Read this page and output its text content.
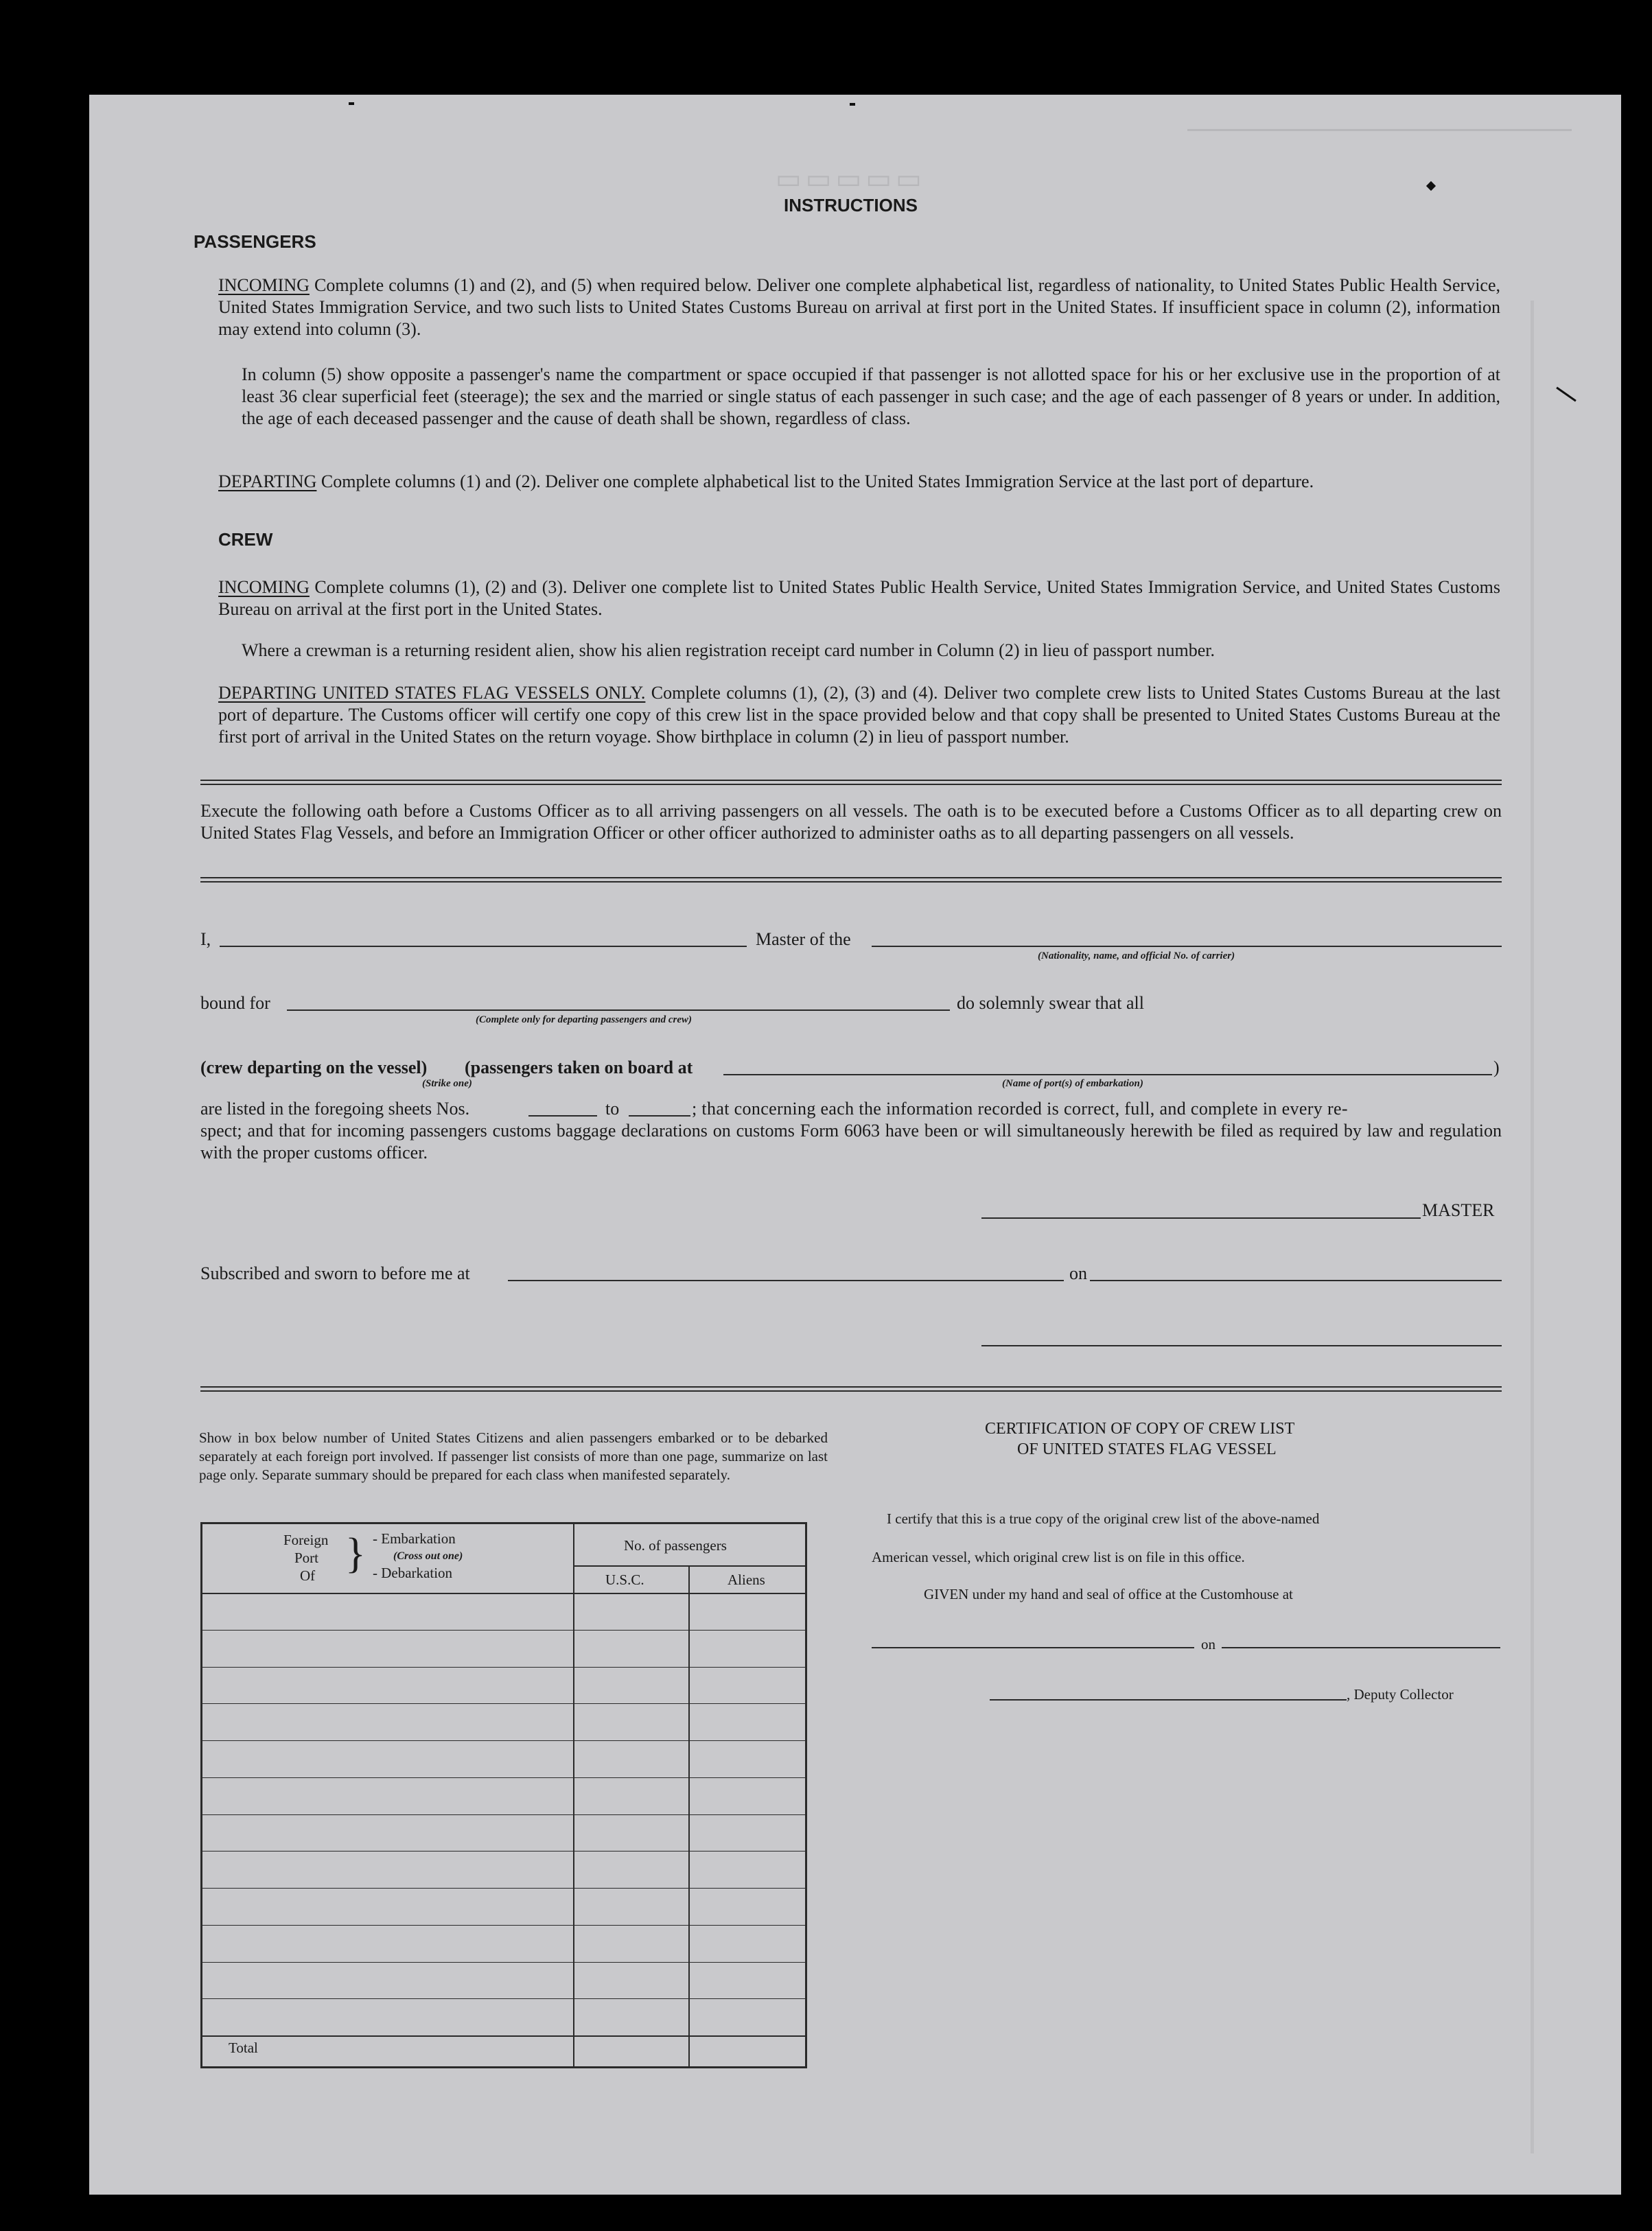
▭▭▭▭▭
INSTRUCTIONS
PASSENGERS
INCOMING Complete columns (1) and (2), and (5) when required below. Deliver one complete alphabetical list, regardless of nationality, to United States Public Health Service, United States Immigration Service, and two such lists to United States Customs Bureau on arrival at first port in the United States. If insufficient space in column (2), information may extend into column (3).
In column (5) show opposite a passenger's name the compartment or space occupied if that passenger is not allotted space for his or her exclusive use in the proportion of at least 36 clear superficial feet (steerage); the sex and the married or single status of each passenger in such case; and the age of each passenger of 8 years or under. In addition, the age of each deceased passenger and the cause of death shall be shown, regardless of class.
DEPARTING Complete columns (1) and (2). Deliver one complete alphabetical list to the United States Immigration Service at the last port of departure.
CREW
INCOMING Complete columns (1), (2) and (3). Deliver one complete list to United States Public Health Service, United States Immigration Service, and United States Customs Bureau on arrival at the first port in the United States.
Where a crewman is a returning resident alien, show his alien registration receipt card number in Column (2) in lieu of passport number.
DEPARTING UNITED STATES FLAG VESSELS ONLY. Complete columns (1), (2), (3) and (4). Deliver two complete crew lists to United States Customs Bureau at the last port of departure. The Customs officer will certify one copy of this crew list in the space provided below and that copy shall be presented to United States Customs Bureau at the first port of arrival in the United States on the return voyage. Show birthplace in column (2) in lieu of passport number.
Execute the following oath before a Customs Officer as to all arriving passengers on all vessels. The oath is to be executed before a Customs Officer as to all departing crew on United States Flag Vessels, and before an Immigration Officer or other officer authorized to administer oaths as to all departing passengers on all vessels.
I,	Master of the
(Nationality, name, and official No. of carrier)
bound for
(Complete only for departing passengers and crew)
do solemnly swear that all
(crew departing on the vessel) (passengers taken on board at	)
(Strike one)	(Name of port(s) of embarkation)
are listed in the foregoing sheets Nos.	to	; that concerning each the information recorded is correct, full, and complete in every re-
spect; and that for incoming passengers customs baggage declarations on customs Form 6063 have been or will simultaneously herewith be filed as required by law and regulation with the proper customs officer.
MASTER
Subscribed and sworn to before me at	on
Show in box below number of United States Citizens and alien passengers embarked or to be debarked separately at each foreign port involved. If passenger list consists of more than one page, summarize on last page only. Separate summary should be prepared for each class when manifested separately.
Foreign
Port
Of } - Embarkation
(Cross out one)
- Debarkation
No. of passengers
U.S.C.	Aliens
Total
CERTIFICATION OF COPY OF CREW LIST
OF UNITED STATES FLAG VESSEL
I certify that this is a true copy of the original crew list of the above-named
American vessel, which original crew list is on file in this office.
GIVEN under my hand and seal of office at the Customhouse at
on
, Deputy Collector
